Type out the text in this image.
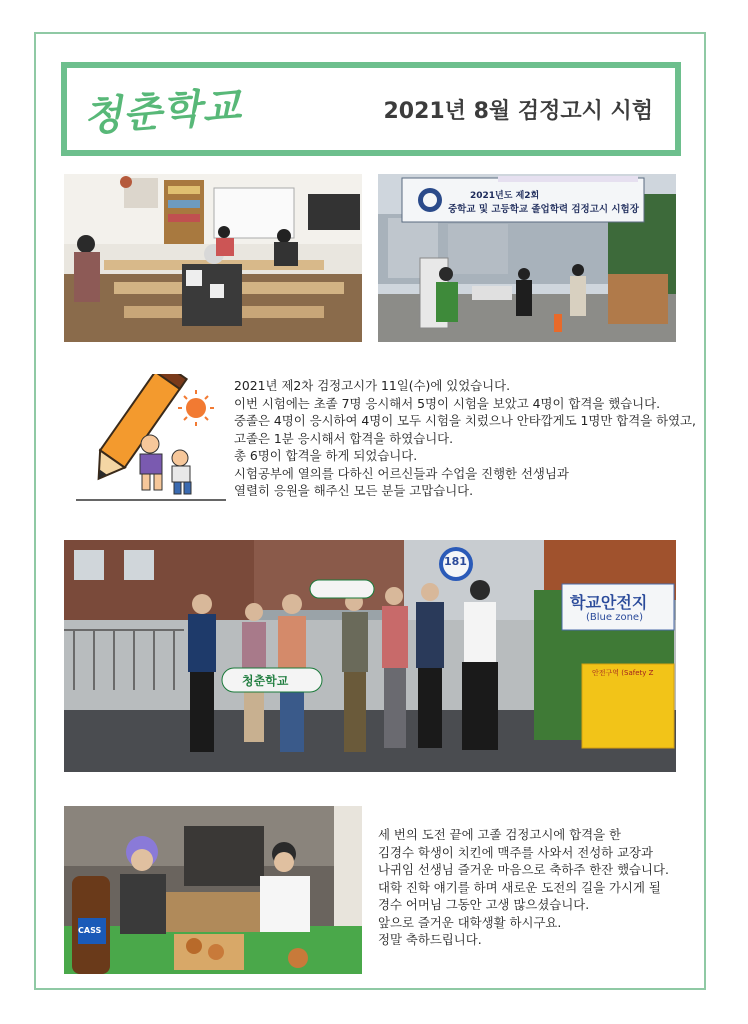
청춘학교	2021년 8월 검정고시 시험
2021년도 제2회
중학교 및 고등학교 졸업학력 검정고시 시험장
2021년 제2차 검정고시가 11일(수)에 있었습니다.
이번 시험에는 초졸 7명 응시해서 5명이 시험을 보았고 4명이 합격을 했습니다.
중졸은 4명이 응시하여 4명이 모두 시험을 치렀으나 안타깝게도 1명만 합격을 하였고,
고졸은 1분 응시해서 합격을 하였습니다.
총 6명이 합격을 하게 되었습니다.
시험공부에 열의를 다하신 어르신들과 수업을 진행한 선생님과
열렬히 응원을 해주신 모든 분들 고맙습니다.
181
학교안전지
(Blue zone)
안전구역 (Safety Z
청춘학교
CASS
세 번의 도전 끝에 고졸 검정고시에 합격을 한
김경수 학생이 치킨에 맥주를 사와서 전성하 교장과
나귀임 선생님 즐거운 마음으로 축하주 한잔 했습니다.
대학 진학 얘기를 하며 새로운 도전의 길을 가시게 될
경수 어머님 그동안 고생 많으셨습니다.
앞으로 즐거운 대학생활 하시구요.
정말 축하드립니다.
